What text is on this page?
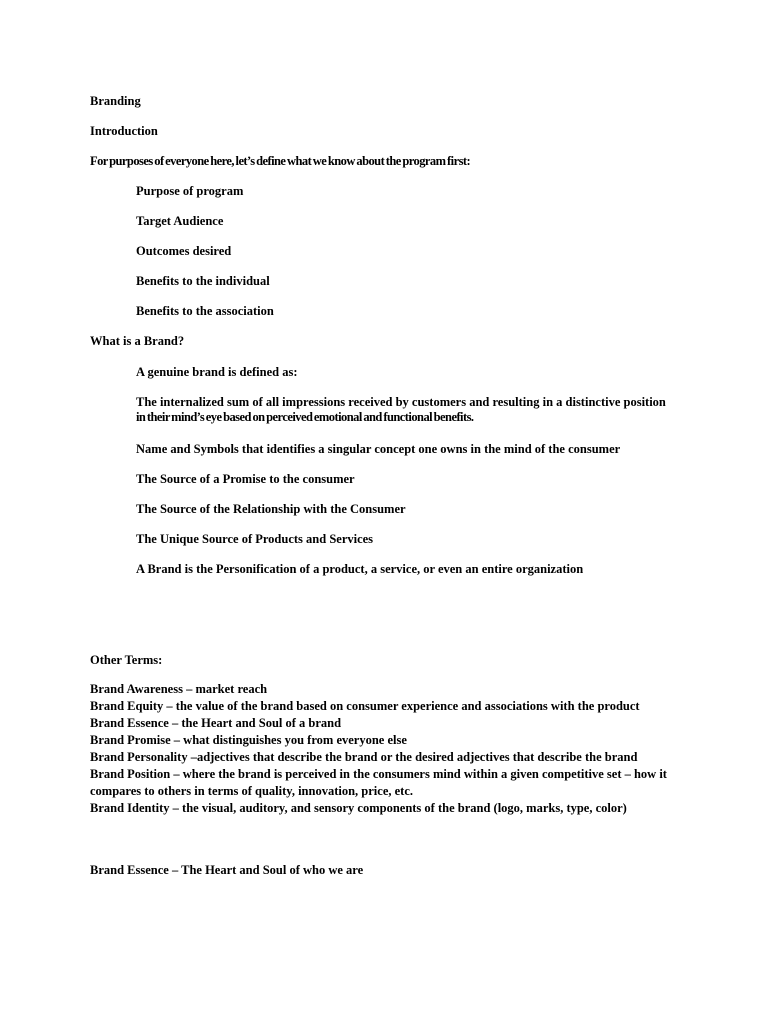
Branding
Introduction
For purposes of everyone here, let’s define what we know about the program first:
Purpose of program
Target Audience
Outcomes desired
Benefits to the individual
Benefits to the association
What is a Brand?
A genuine brand is defined as:
The internalized sum of all impressions received by customers and resulting in a distinctive position
in their mind’s eye based on perceived emotional and functional benefits.
Name and Symbols that identifies a singular concept one owns in the mind of the consumer
The Source of a Promise to the consumer
The Source of the Relationship with the Consumer
The Unique Source of Products and Services
A Brand is the Personification of a product, a service, or even an entire organization
Other Terms:
Brand Awareness – market reach
Brand Equity – the value of the brand based on consumer experience and associations with the product
Brand Essence – the Heart and Soul of a brand
Brand Promise – what distinguishes you from everyone else
Brand Personality –adjectives that describe the brand or the desired adjectives that describe the brand
Brand Position – where the brand is perceived in the consumers mind within a given competitive set – how it
compares to others in terms of quality, innovation, price, etc.
Brand Identity – the visual, auditory, and sensory components of the brand (logo, marks, type, color)
Brand Essence – The Heart and Soul of who we are
